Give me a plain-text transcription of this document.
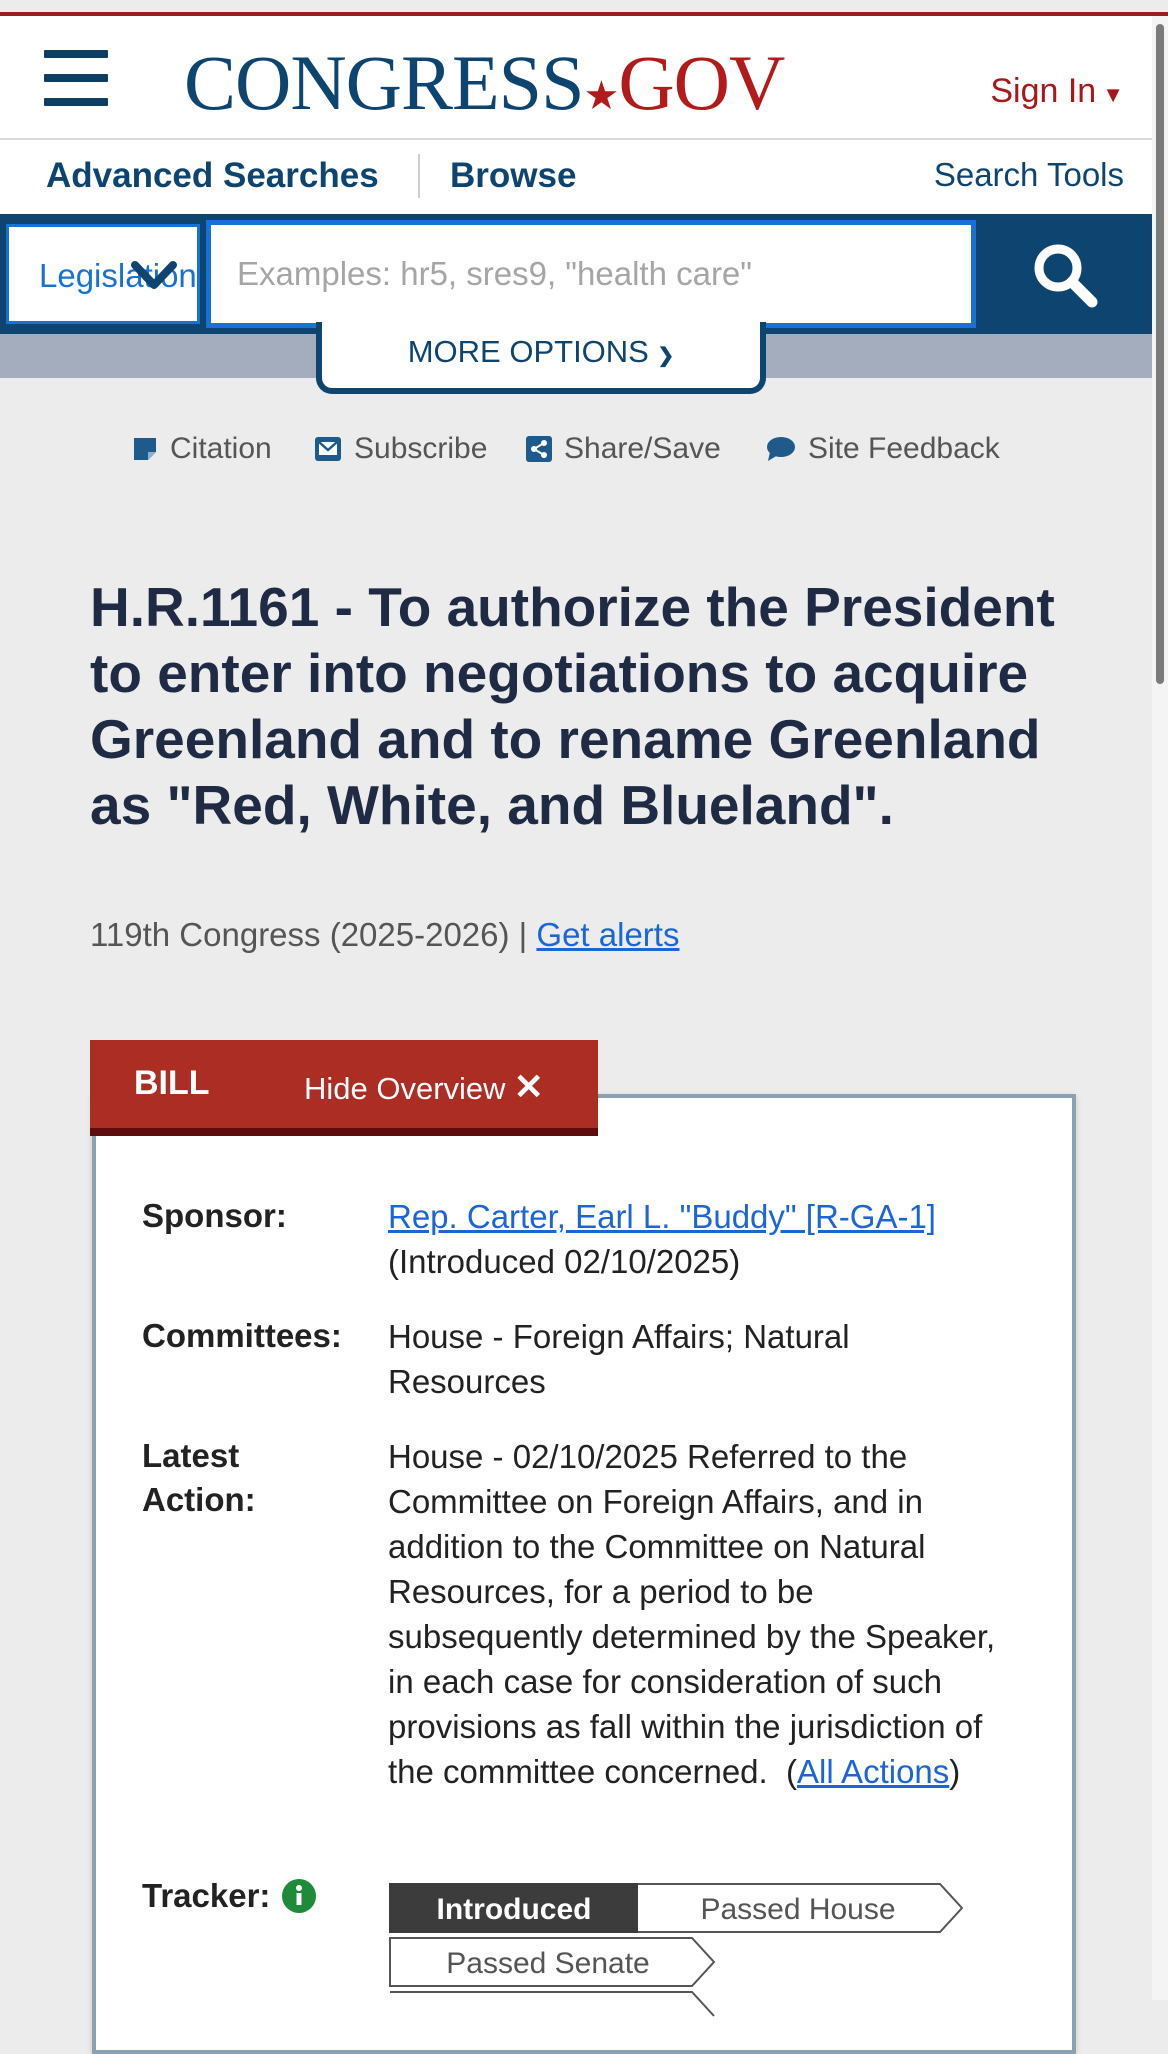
CONGRESS★GOV	Sign In ▼
Advanced Searches Browse	Search Tools
Legislation
Examples: hr5, sres9, "health care"
MORE OPTIONS ❯
Citation	Subscribe	Share/Save	Site Feedback
H.R.1161 - To authorize the President to enter into negotiations to acquire Greenland and to rename Greenland as "Red, White, and Blueland".
119th Congress (2025-2026) | Get alerts
BILL	Hide Overview ✕
Sponsor:	Rep. Carter, Earl L. "Buddy" [R-GA-1]
(Introduced 02/10/2025)
Committees: House - Foreign Affairs; Natural Resources
Latest
Action:
House - 02/10/2025 Referred to the Committee on Foreign Affairs, and in addition to the Committee on Natural Resources, for a period to be subsequently determined by the Speaker, in each case for consideration of such provisions as fall within the jurisdiction of the committee concerned.  (All Actions)
Tracker:	Introduced	Passed House
Passed Senate
